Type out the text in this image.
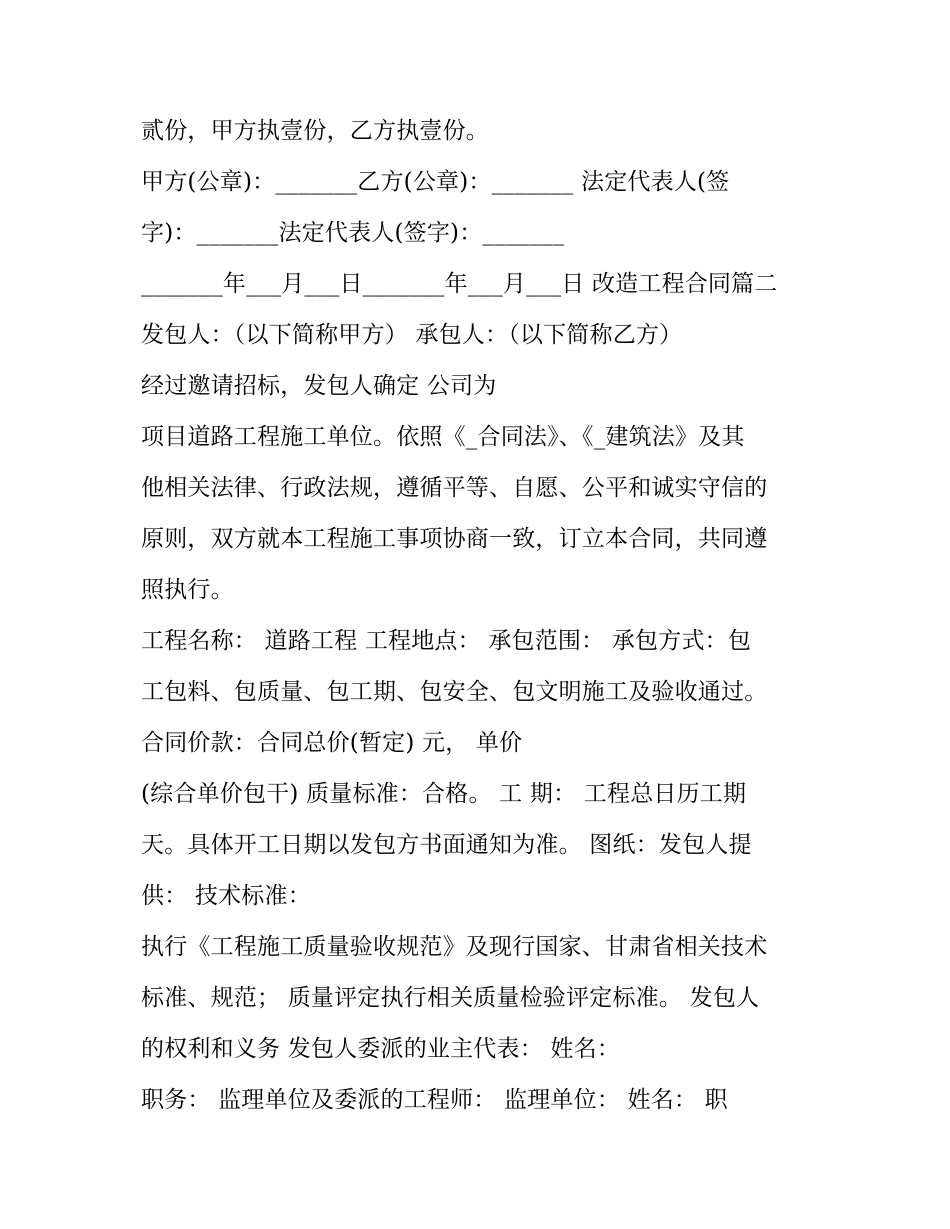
贰份，甲方执壹份，乙方执壹份。
甲方(公章)：_______乙方(公章)：_______ 法定代表人(签
字)：_______法定代表人(签字)：_______
_______年___月___日_______年___月___日 改造工程合同篇二
发包人：（以下简称甲方） 承包人：（以下简称乙方）
经过邀请招标，发包人确定 公司为
项目道路工程施工单位。依照《_合同法》、《_建筑法》及其
他相关法律、行政法规，遵循平等、自愿、公平和诚实守信的
原则，双方就本工程施工事项协商一致，订立本合同，共同遵
照执行。
工程名称： 道路工程 工程地点： 承包范围： 承包方式：包
工包料、包质量、包工期、包安全、包文明施工及验收通过。
合同价款：合同总价(暂定) 元， 单价
(综合单价包干) 质量标准：合格。 工 期： 工程总日历工期
天。具体开工日期以发包方书面通知为准。 图纸：发包人提
供： 技术标准：
执行《工程施工质量验收规范》及现行国家、甘肃省相关技术
标准、规范； 质量评定执行相关质量检验评定标准。 发包人
的权利和义务 发包人委派的业主代表： 姓名：
职务： 监理单位及委派的工程师： 监理单位： 姓名： 职
